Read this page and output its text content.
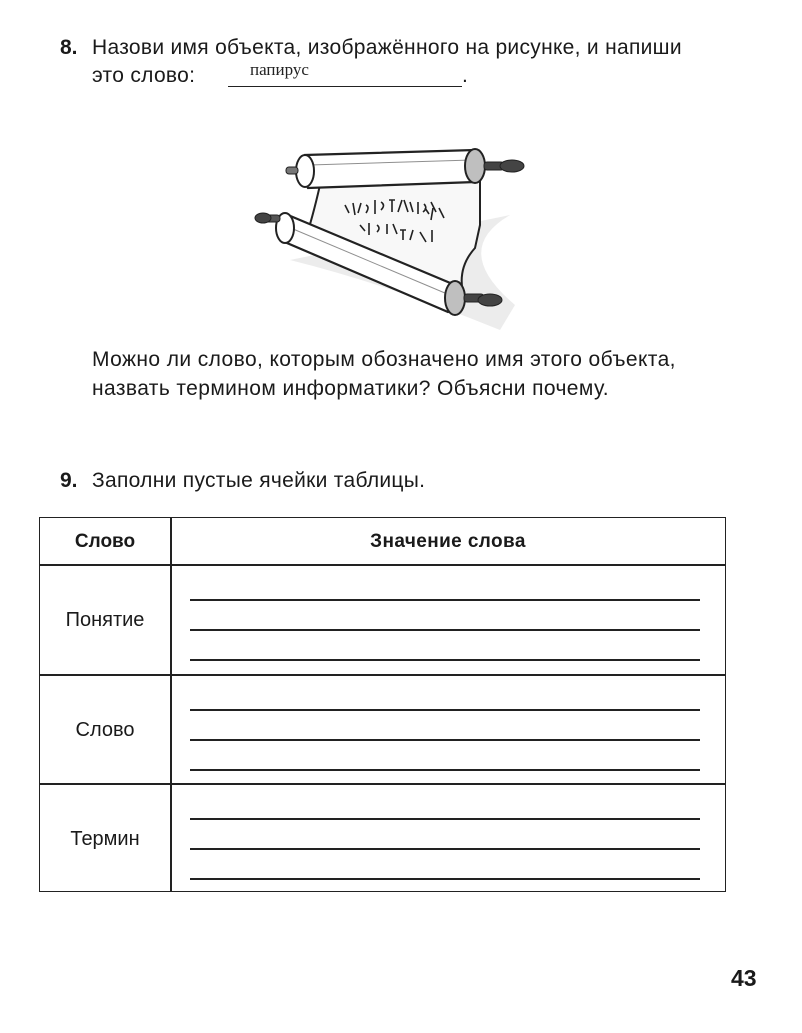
8. Назови имя объекта, изображённого на рисунке, и напиши
это слово:	папирус	.
Можно ли слово, которым обозначено имя этого объекта,
назвать термином информатики? Объясни почему.
9. Заполни пустые ячейки таблицы.
Слово	Значение слова
Понятие
Слово
Термин
43
